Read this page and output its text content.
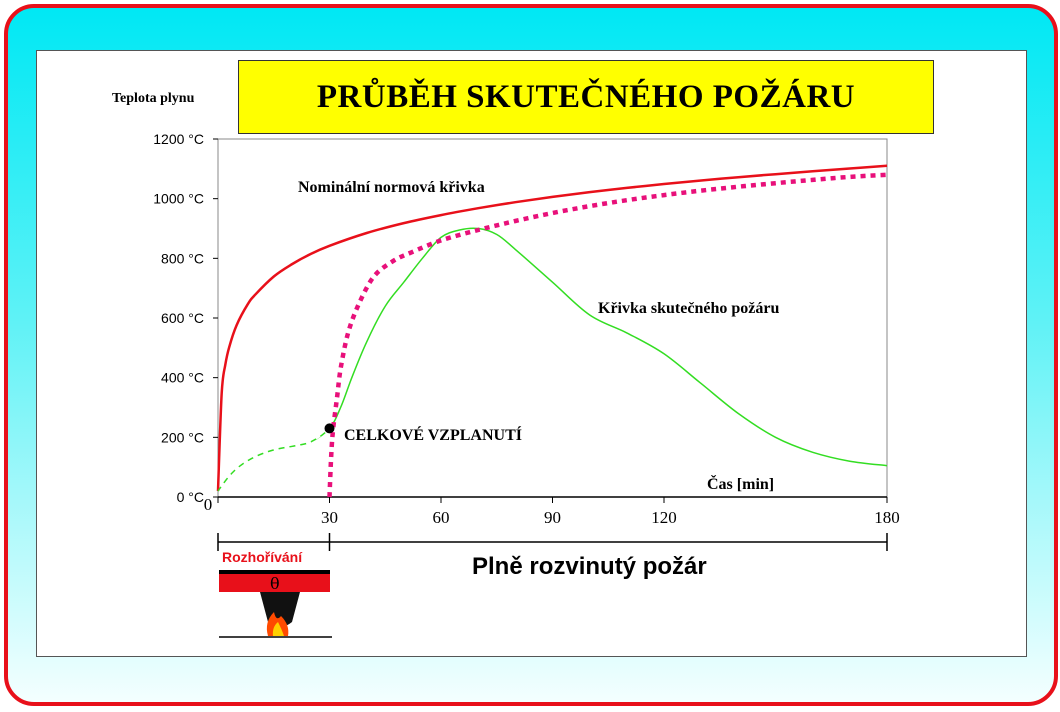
PRŮBĚH SKUTEČNÉHO POŽÁRU
Teplota plynu
0 °C
200 °C
400 °C
600 °C
800 °C
1000 °C
1200 °C
0
30	60	90	120	180
Čas [min]
Nominální normová křivka
Křivka skutečného požáru
CELKOVÉ VZPLANUTÍ
Rozhořívání	Plně rozvinutý požár
θ
